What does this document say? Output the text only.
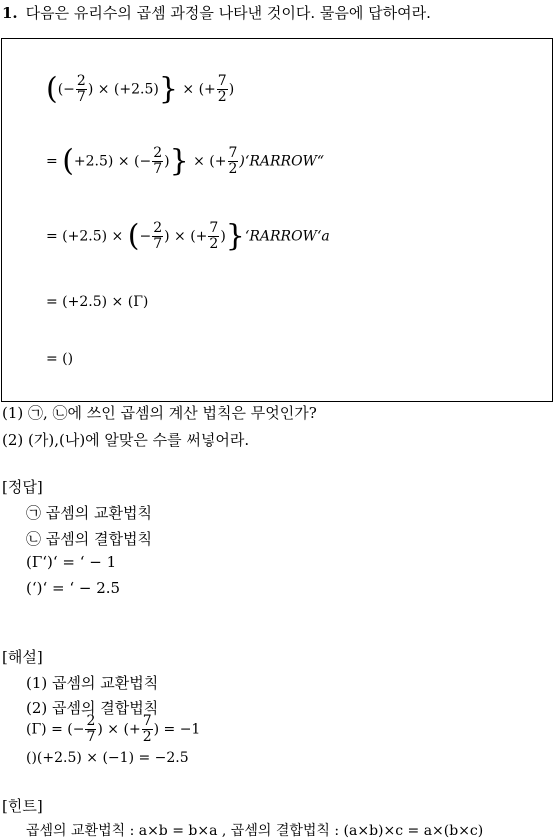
1. 다음은 유리수의 곱셈 과정을 나타낸 것이다. 물음에 답하여라.
((− $\frac{2}{7}$ ) × (+2.5)} × (+ $\frac{7}{2}$ )
= (+2.5) × (− $\frac{2}{7}$ )} × (+ $\frac{7}{2}$ )‘RARROW“
= (+2.5) × (− $\frac{2}{7}$ ) × (+ $\frac{7}{2}$ )}‘RARROW‘a
= (+2.5) × (Γ)
= ()
(1) ㉠, ㉡에 쓰인 곱셈의 계산 법칙은 무엇인가?
(2) (가),(나)에 알맞은 수를 써넣어라.
[정답]
㉠ 곱셈의 교환법칙
㉡ 곱셈의 결합법칙
(Γ‘)‘ = ‘ − 1
(‘)‘ = ‘ − 2.5
[해설]
(1) 곱셈의 교환법칙
(2) 곱셈의 결합법칙
(Γ) = (− $\frac{2}{7}$ ) × (+ $\frac{7}{2}$ ) = −1
()(+2.5) × (−1) = −2.5
[힌트]
곱셈의 교환법칙 : a×b = b×a , 곱셈의 결합법칙 : (a×b)×c = a×(b×c)
